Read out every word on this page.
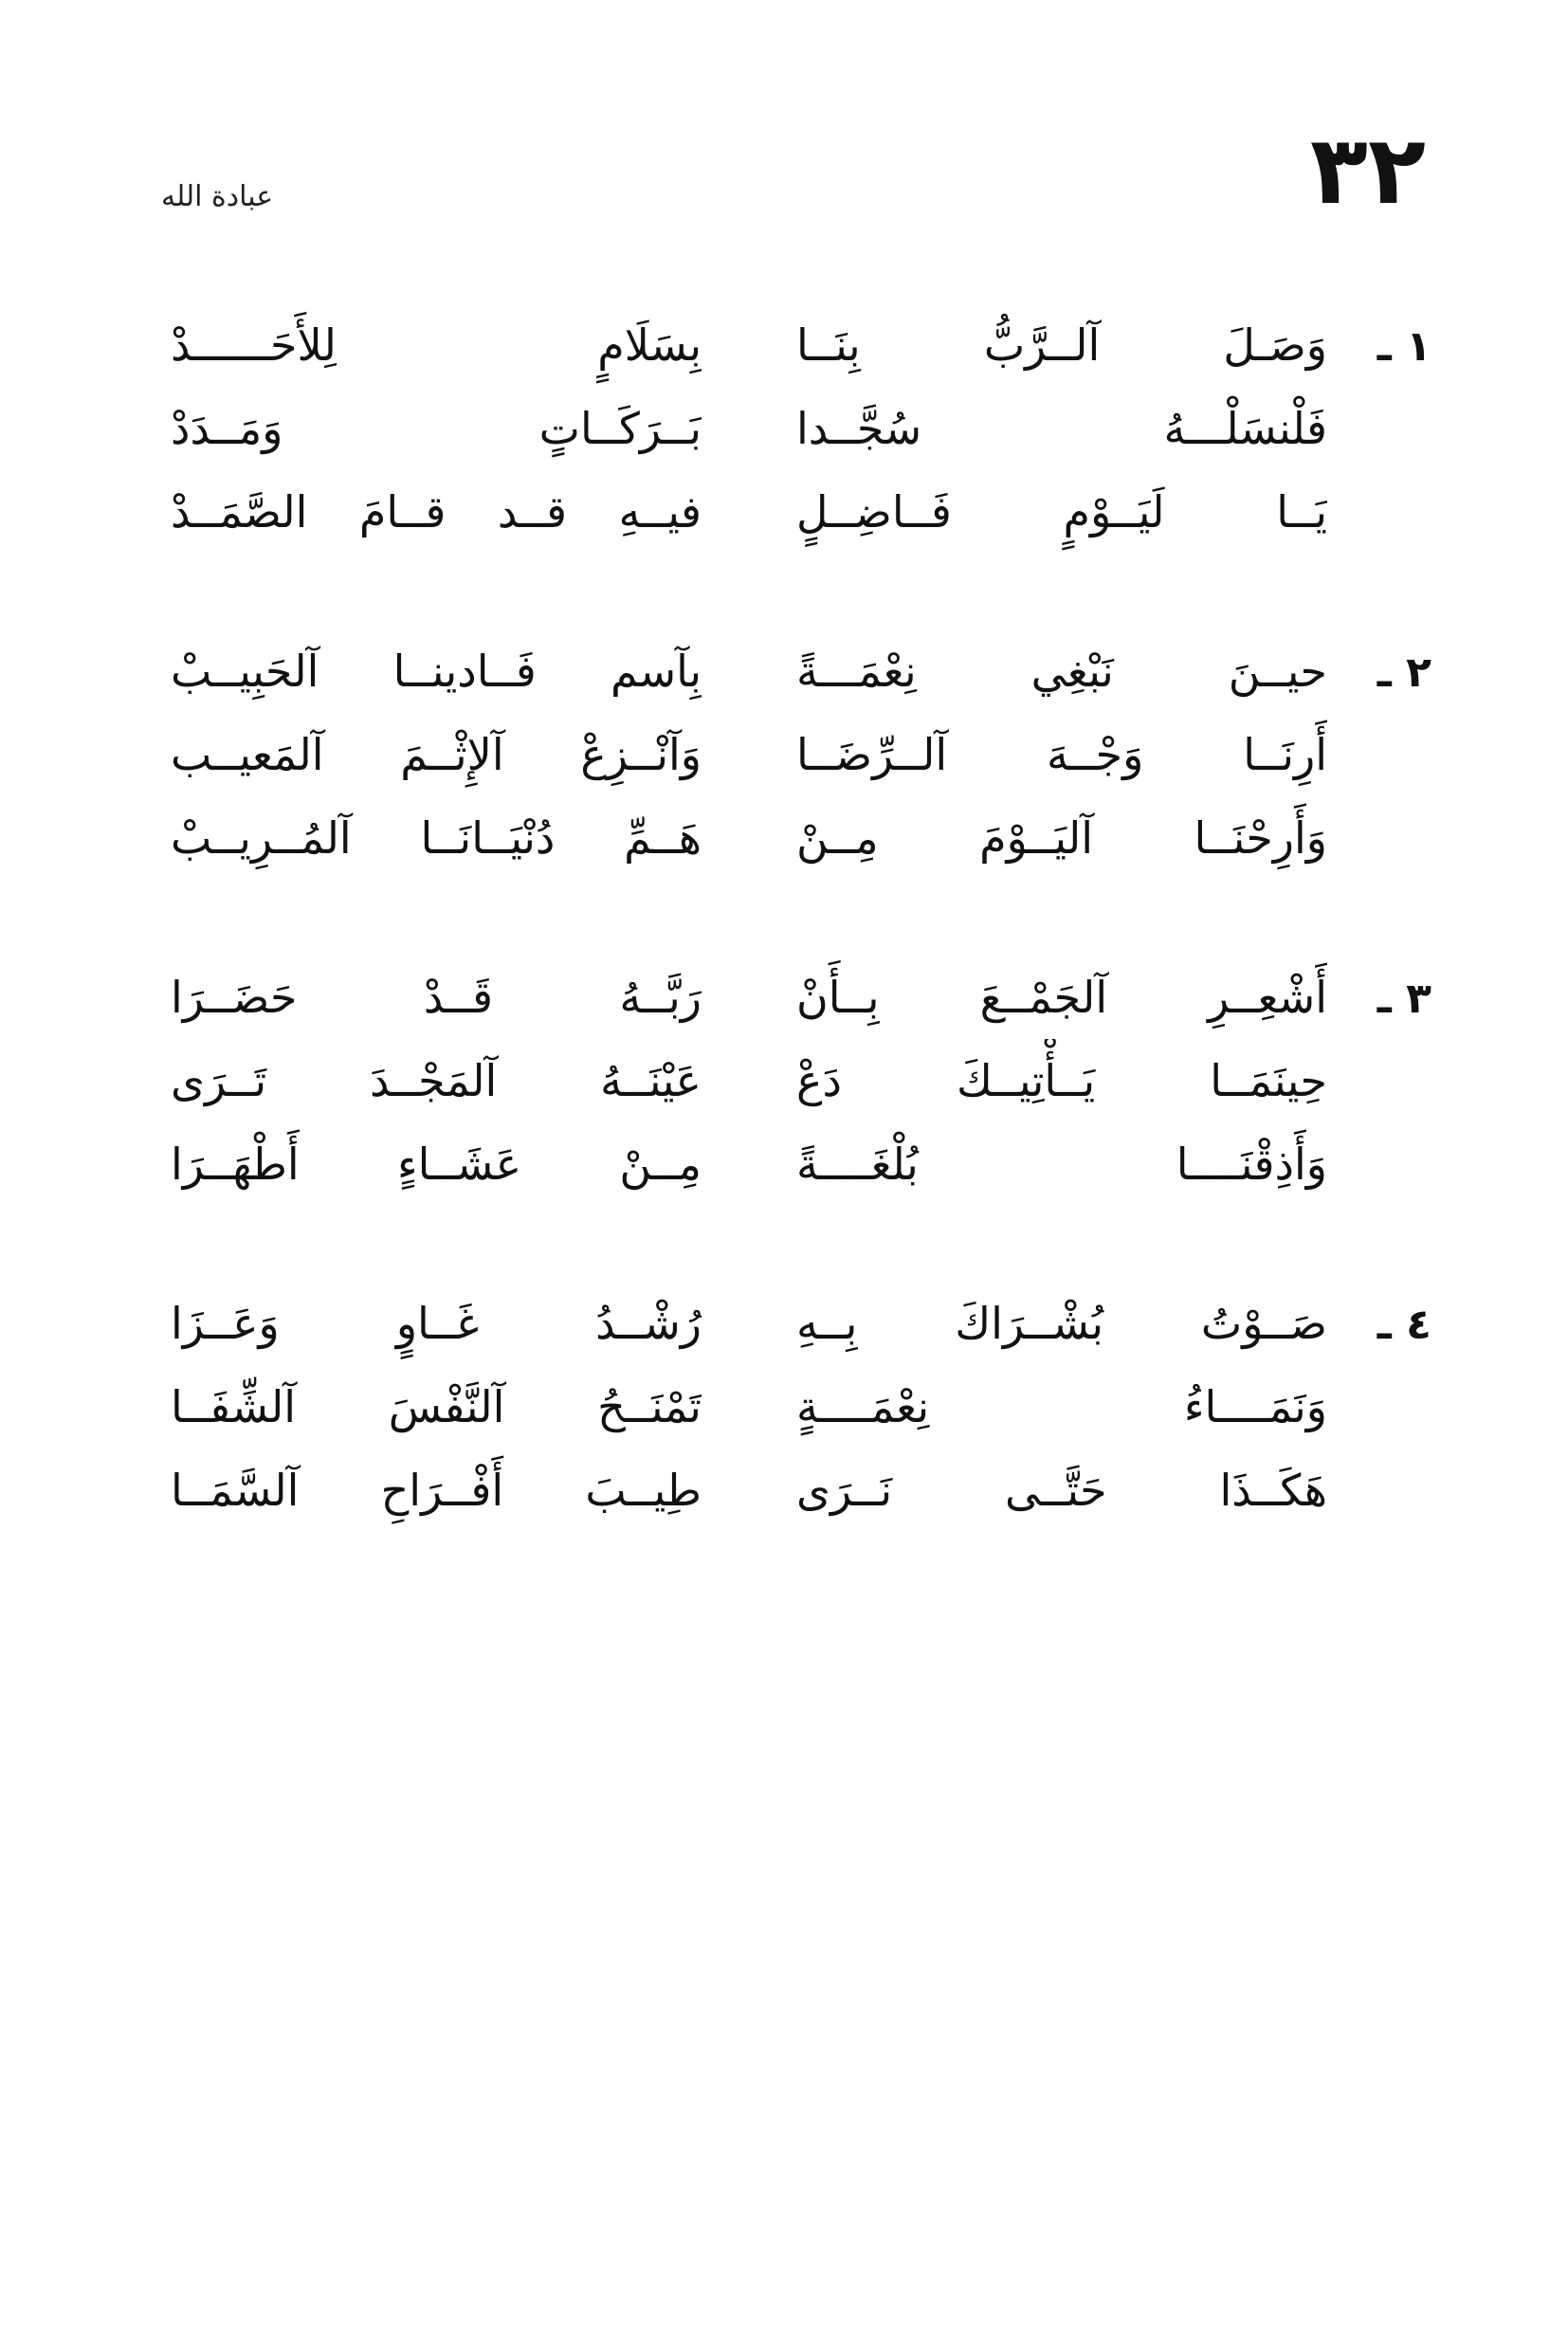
٣٢
عبادة الله
١ ـ
وَصَـلَ آلــرَّبُّ بِنَــا
بِسَلَامٍ لِلأَحَــــــدْ
فَلْنسَلْـــهُ سُجَّــدا
بَــرَكَــاتٍ وَمَــدَدْ
يَــا لَيَــوْمٍ فَــاضِــلٍ
فيــهِ قــد قــامَ الصَّمَــدْ
٢ ـ
حيــنَ نَبْغِي نِعْمَـــةً
بِآسم فَــادينــا آلحَبِيــبْ
أَرِنَــا وَجْــهَ آلــرِّضَــا
وَآنْــزِعْ آلإِثْــمَ آلمَعيــب
وَأَرِحْنَــا آليَــوْمَ مِــنْ
هَــمِّ دُنْيَــانَــا آلمُــرِيــبْ
٣ ـ
أَشْعِــرِ آلجَمْــعَ بِــأَنْ
رَبَّــهُ قَــدْ حَضَــرَا
حِينَمَــا يَــأْتِيــكَ دَعْ
عَيْنَــهُ آلمَجْــدَ تَــرَى
وَأَذِقْنَــــا بُلْغَــــةً
مِــنْ عَشَــاءٍ أَطْهَــرَا
٤ ـ
صَــوْتُ بُشْــرَاكَ بِــهِ
رُشْــدُ غَــاوٍ وَعَــزَا
وَنَمَــــاءُ نِعْمَــــةٍ
تَمْنَــحُ آلنَّفْسَ آلشِّفَــا
هَكَــذَا حَتَّــى نَــرَى
طِيــبَ أَفْــرَاحِ آلسَّمَــا
